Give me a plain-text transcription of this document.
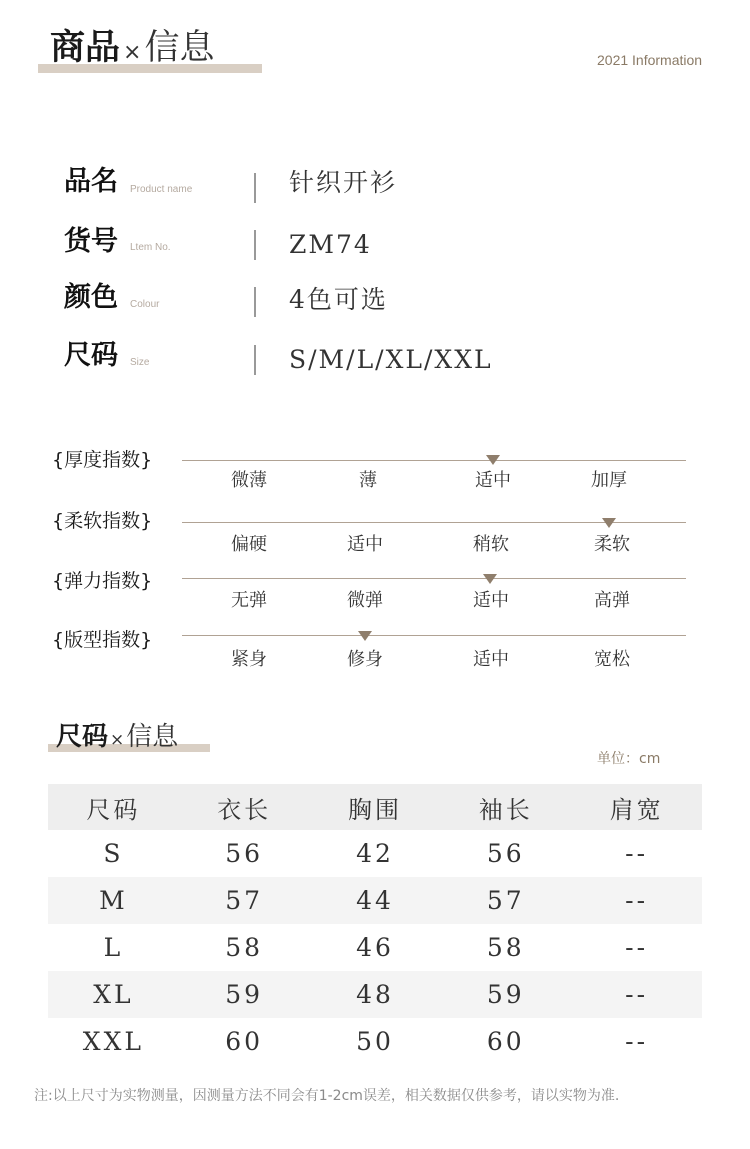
商品 ×信息	2021 Information
品名 Product name	针织开衫
货号 Ltem No.	ZM74
颜色 Colour	4色可选
尺码 Size	S/M/L/XL/XXL
{厚度指数}
微薄	薄	适中	加厚
{柔软指数}
偏硬	适中	稍软	柔软
{弹力指数}
无弹	微弹	适中	高弹
{版型指数}
紧身	修身	适中	宽松
尺码 ×信息
单位：cm
尺码	衣长	胸围	袖长	肩宽
S	56	42	56	--
M	57	44	57	--
L	58	46	58	--
XL	59	48	59	--
XXL	60	50	60	--
注:以上尺寸为实物测量，因测量方法不同会有1-2cm误差，相关数据仅供参考，请以实物为准.
